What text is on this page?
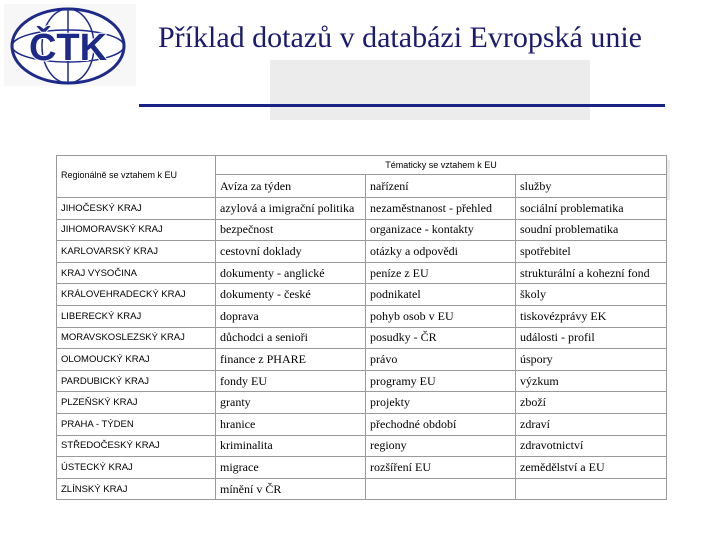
ČTK	Příklad dotazů v databázi Evropská unie
Regionálně se vztahem k EU	Tématicky se vztahem k EU		
	Avíza za týden	nařízení	služby
JIHOČESKÝ KRAJ	azylová a imigrační politika	nezaměstnanost - přehled	sociální problematika
JIHOMORAVSKÝ KRAJ	bezpečnost	organizace - kontakty	soudní problematika
KARLOVARSKÝ KRAJ	cestovní doklady	otázky a odpovědi	spotřebitel
KRAJ VYSOČINA	dokumenty - anglické	peníze z EU	strukturální a kohezní fond
KRÁLOVEHRADECKÝ KRAJ	dokumenty - české	podnikatel	školy
LIBERECKÝ KRAJ	doprava	pohyb osob v EU	tiskovézprávy EK
MORAVSKOSLEZSKÝ KRAJ	důchodci a senioři	posudky - ČR	události - profil
OLOMOUCKÝ KRAJ	finance z PHARE	právo	úspory
PARDUBICKÝ KRAJ	fondy EU	programy EU	výzkum
PLZEŇSKÝ KRAJ	granty	projekty	zboží
PRAHA - TÝDEN	hranice	přechodné období	zdraví
STŘEDOČESKÝ KRAJ	kriminalita	regiony	zdravotnictví
ÚSTECKÝ KRAJ	migrace	rozšíření EU	zemědělství a EU
ZLÍNSKÝ KRAJ	mínění v ČR		
